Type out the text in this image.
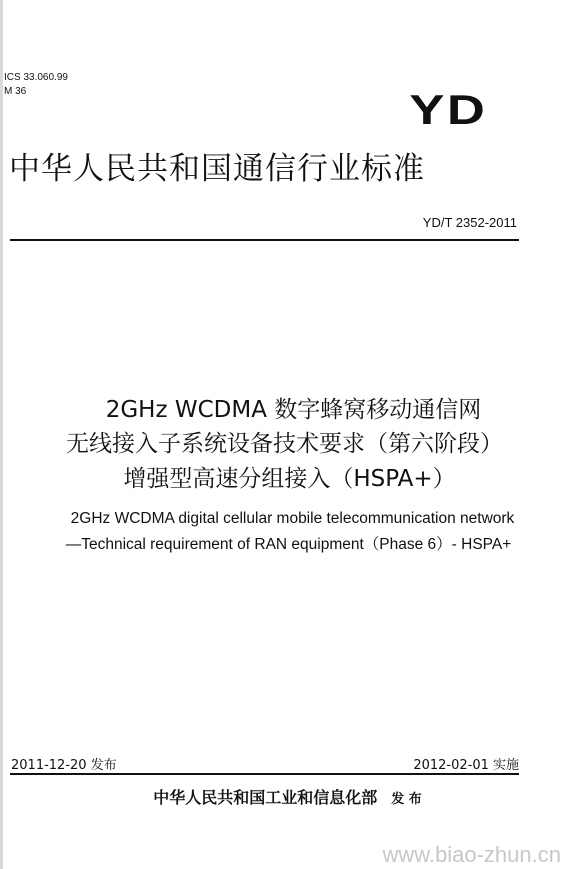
ICS 33.060.99
M 36	YD
中华人民共和国通信行业标准
YD/T 2352-2011
2GHz WCDMA 数字蜂窝移动通信网
无线接入子系统设备技术要求（第六阶段）
增强型高速分组接入（HSPA+）
2GHz WCDMA digital cellular mobile telecommunication network
—Technical requirement of RAN equipment（Phase 6）- HSPA+
2011-12-20 发布	2012-02-01 实施
中华人民共和国工业和信息化部 发 布
www.biao-zhun.cn
